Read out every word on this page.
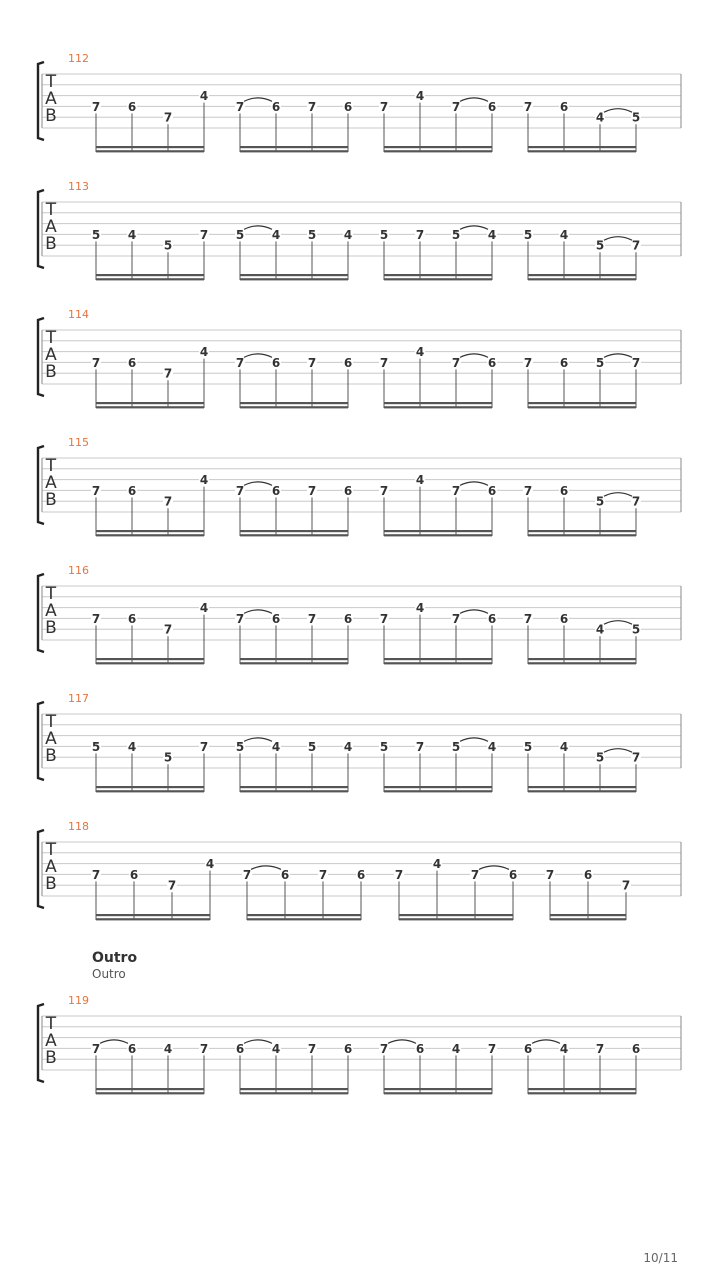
T
A
B	7 6
7
4
7 6 7 6 7
4
7 6 7 6
4 5
T
A
B	5 4
5
7 5 4 5 4 5 7 5 4 5 4
5 7
T
A
B	7 6
7
4
7 6 7 6 7
4
7 6 7 6 5 7
T
A
B	7 6
7
4
7 6 7 6 7
4
7 6 7 6
5 7
T
A
B	7 6
7
4
7 6 7 6 7
4
7 6 7 6
4 5
T
A
B	5 4
5
7 5 4 5 4 5 7 5 4 5 4
5 7
T
A
B	7 6
7
4
7 6 7 6 7
4
7 6 7 6
7
T
A
B	7 6 4 7 6 4 7 6 7 6 4 7 6 4 7 6
Outro
Outro
10/11
112
113
114
115
116
117
118
119
